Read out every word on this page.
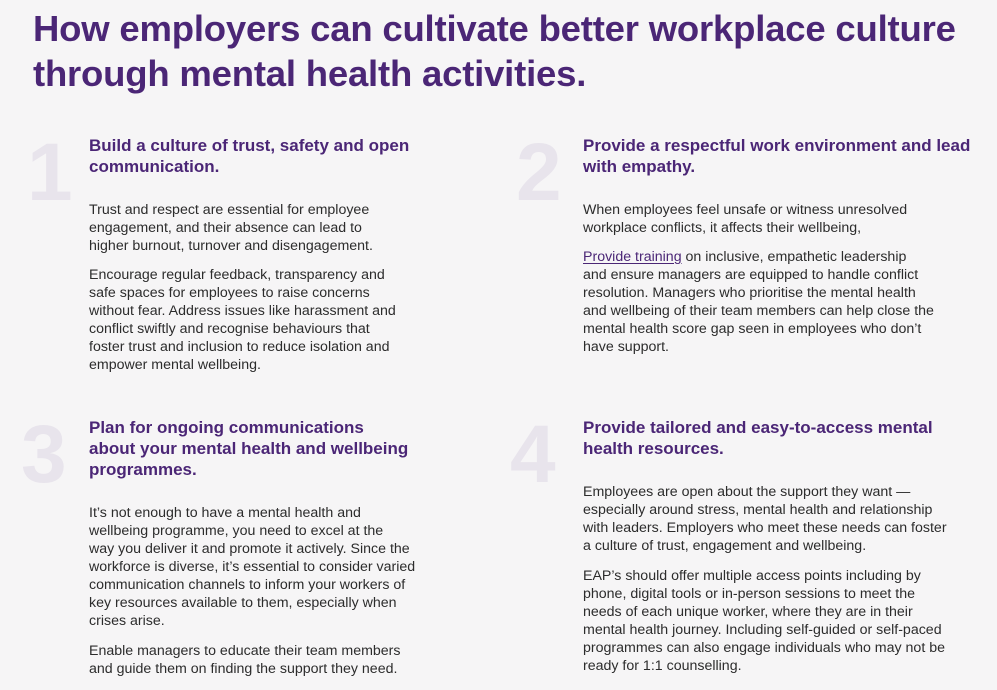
How employers can cultivate better workplace culture
through mental health activities.
1 Build a culture of trust, safety and open
communication.

Trust and respect are essential for employee
engagement, and their absence can lead to
higher burnout, turnover and disengagement.

Encourage regular feedback, transparency and
safe spaces for employees to raise concerns
without fear. Address issues like harassment and
conflict swiftly and recognise behaviours that
foster trust and inclusion to reduce isolation and
empower mental wellbeing.

2 Provide a respectful work environment and lead
with empathy.

When employees feel unsafe or witness unresolved
workplace conflicts, it affects their wellbeing,

Provide training on inclusive, empathetic leadership
and ensure managers are equipped to handle conflict
resolution. Managers who prioritise the mental health
and wellbeing of their team members can help close the
mental health score gap seen in employees who don’t
have support.

3 Plan for ongoing communications
about your mental health and wellbeing
programmes.

It’s not enough to have a mental health and
wellbeing programme, you need to excel at the
way you deliver it and promote it actively. Since the
workforce is diverse, it’s essential to consider varied
communication channels to inform your workers of
key resources available to them, especially when
crises arise.

Enable managers to educate their team members
and guide them on finding the support they need.

4 Provide tailored and easy-to-access mental
health resources.

Employees are open about the support they want —
especially around stress, mental health and relationship
with leaders. Employers who meet these needs can foster
a culture of trust, engagement and wellbeing.

EAP’s should offer multiple access points including by
phone, digital tools or in-person sessions to meet the
needs of each unique worker, where they are in their
mental health journey. Including self-guided or self-paced
programmes can also engage individuals who may not be
ready for 1:1 counselling.
